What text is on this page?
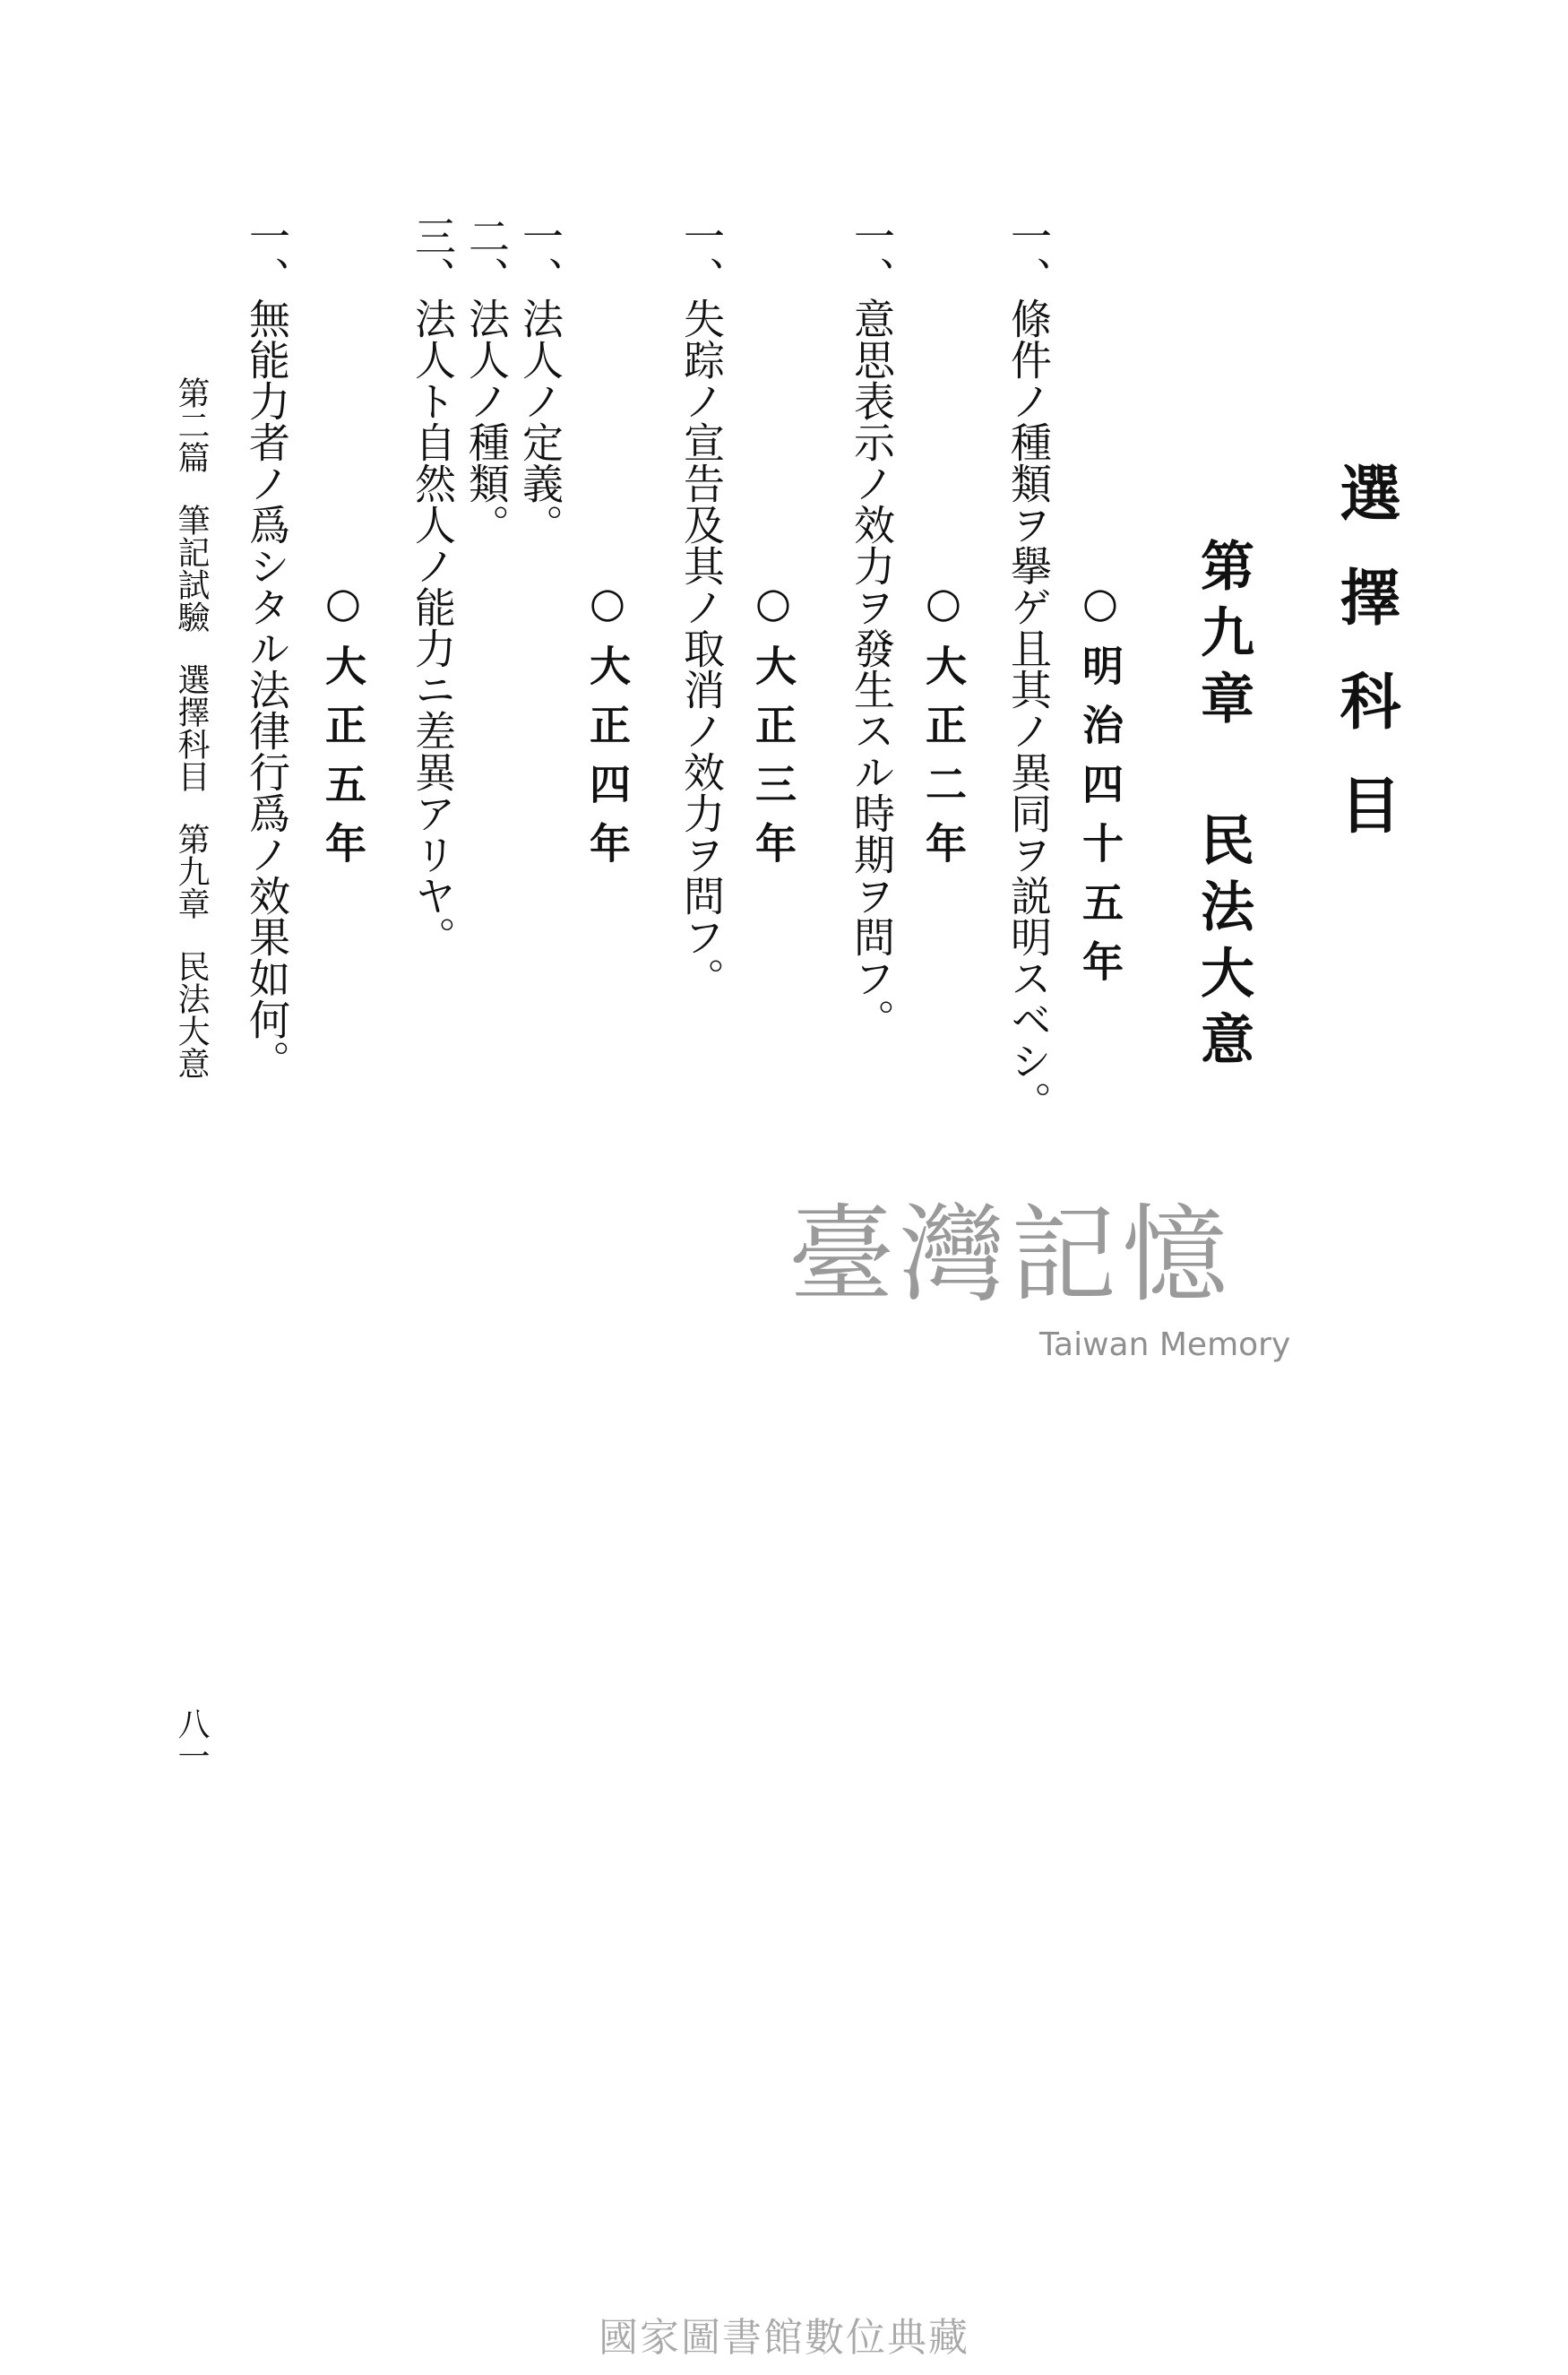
選擇科目
第九章 民法大意
○明治四十五年
一、條件ノ種類ヲ擧ゲ且其ノ異同ヲ説明スベシ。
○大正二年
一、意思表示ノ效力ヲ發生スル時期ヲ問フ。
○大正三年
一、失踪ノ宣告及其ノ取消ノ效力ヲ問フ。
○大正四年
一、法人ノ定義。
二、法人ノ種類。
三、法人ト自然人ノ能力ニ差異アリヤ。
○大正五年
一、無能力者ノ爲シタル法律行爲ノ效果如何。
第二篇筆記試驗選擇科目第九章民法大意
八一
臺灣記憶
Taiwan Memory
國家圖書館數位典藏
